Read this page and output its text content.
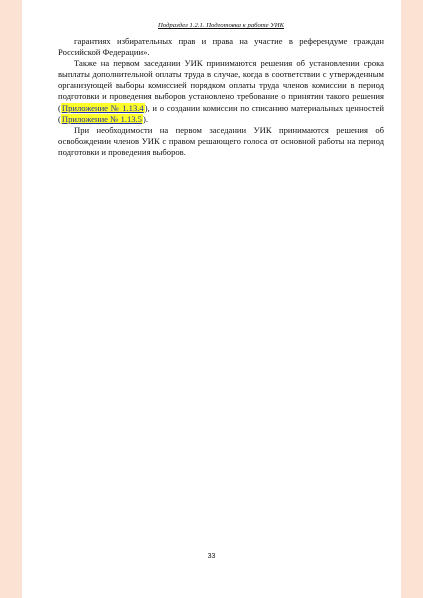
Подраздел 1.2.1. Подготовка к работе УИК

гарантиях избирательных прав и права на участие в референдуме граждан Российской Федерации».

Также на первом заседании УИК принимаются решения об установлении срока выплаты дополнительной оплаты труда в случае, когда в соответствии с утвержденным организующей выборы комиссией порядком оплаты труда членов комиссии в период подготовки и проведения выборов установлено требование о принятии такого решения (Приложение № 1.13.4), и о создании комиссии по списанию материальных ценностей (Приложение № 1.13.5).

При необходимости на первом заседании УИК принимаются решения об освобождении членов УИК с правом решающего голоса от основной работы на период подготовки и проведения выборов.

33
